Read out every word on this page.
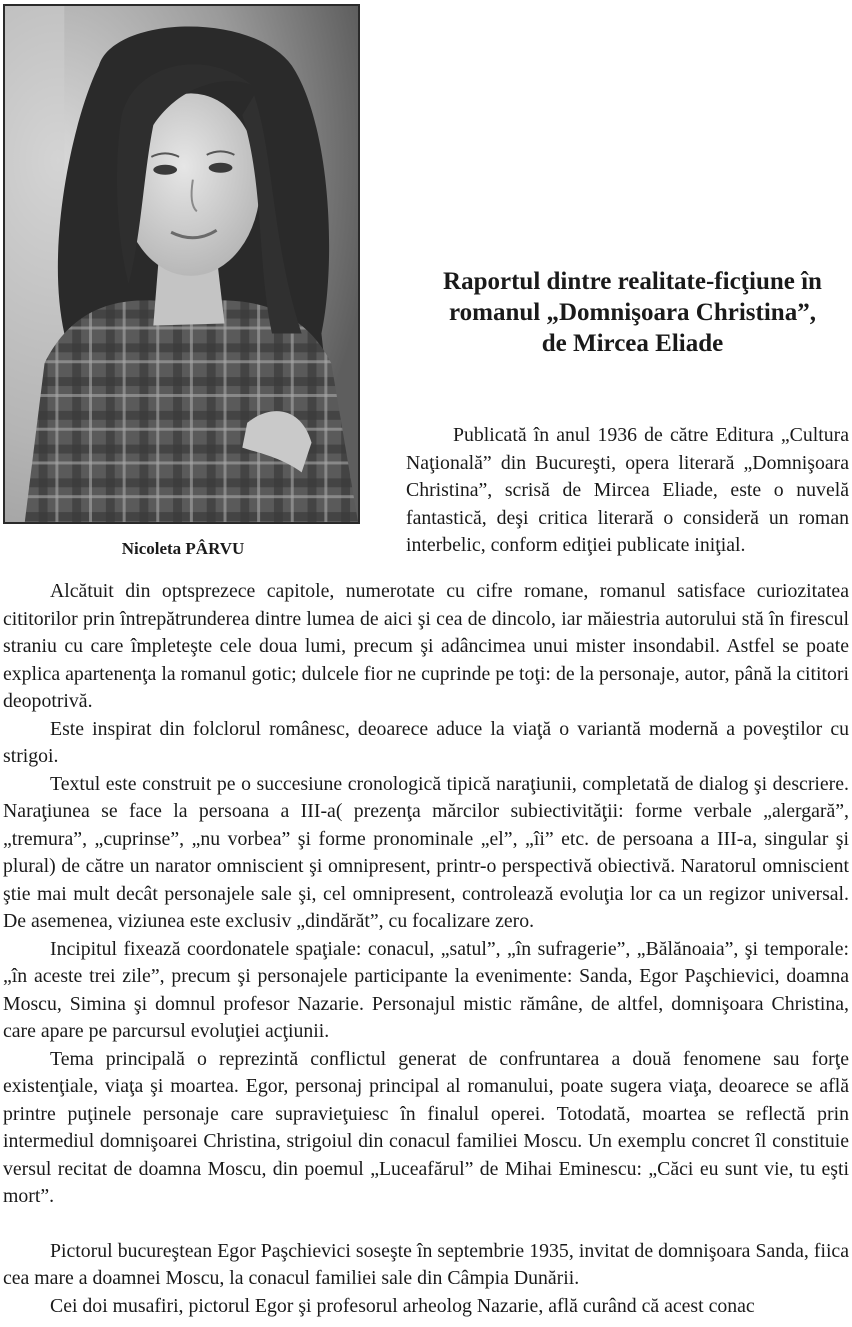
Nicoleta PÂRVU
Raportul dintre realitate-ficţiune în
romanul „Domnişoara Christina”,
de Mircea Eliade

Publicată în anul 1936 de către Editura „Cultura Naţională” din Bucureşti, opera literară „Domnişoara Christina”, scrisă de Mircea Eliade, este o nuvelă fantastică, deşi critica literară o consideră un roman interbelic, conform ediţiei publicate iniţial.

Alcătuit din optsprezece capitole, numerotate cu cifre romane, romanul satisface curiozitatea cititorilor prin întrepătrunderea dintre lumea de aici şi cea de dincolo, iar măiestria autorului stă în firescul straniu cu care împleteşte cele doua lumi, precum şi adâncimea unui mister insondabil. Astfel se poate explica apartenenţa la romanul gotic; dulcele fior ne cuprinde pe toţi: de la personaje, autor, până la cititori deopotrivă.

Este inspirat din folclorul românesc, deoarece aduce la viaţă o variantă modernă a poveştilor cu strigoi.

Textul este construit pe o succesiune cronologică tipică naraţiunii, completată de dialog şi descriere. Naraţiunea se face la persoana a III-a( prezenţa mărcilor subiectivităţii: forme verbale „alergară”, „tremura”, „cuprinse”, „nu vorbea” şi forme pronominale „el”, „îi” etc. de persoana a III-a, singular şi plural) de către un narator omniscient şi omnipresent, printr-o perspectivă obiectivă. Naratorul omniscient ştie mai mult decât personajele sale şi, cel omnipresent, controlează evoluţia lor ca un regizor universal. De asemenea, viziunea este exclusiv „dindărăt”, cu focalizare zero.

Incipitul fixează coordonatele spaţiale: conacul, „satul”, „în sufragerie”, „Bălănoaia”, şi temporale: „în aceste trei zile”, precum şi personajele participante la evenimente: Sanda, Egor Paşchievici, doamna Moscu, Simina şi domnul profesor Nazarie. Personajul mistic rămâne, de altfel, domnişoara Christina, care apare pe parcursul evoluţiei acţiunii.

Tema principală o reprezintă conflictul generat de confruntarea a două fenomene sau forţe existenţiale, viaţa şi moartea. Egor, personaj principal al romanului, poate sugera viaţa, deoarece se află printre puţinele personaje care supravieţuiesc în finalul operei. Totodată, moartea se reflectă prin intermediul domnişoarei Christina, strigoiul din conacul familiei Moscu. Un exemplu concret îl constituie versul recitat de doamna Moscu, din poemul „Luceafărul” de Mihai Eminescu: „Căci eu sunt vie, tu eşti mort”.

Pictorul bucureştean Egor Paşchievici soseşte în septembrie 1935, invitat de domnişoara Sanda, fiica cea mare a doamnei Moscu, la conacul familiei sale din Câmpia Dunării.

Cei doi musafiri, pictorul Egor şi profesorul arheolog Nazarie, află curând că acest conac
